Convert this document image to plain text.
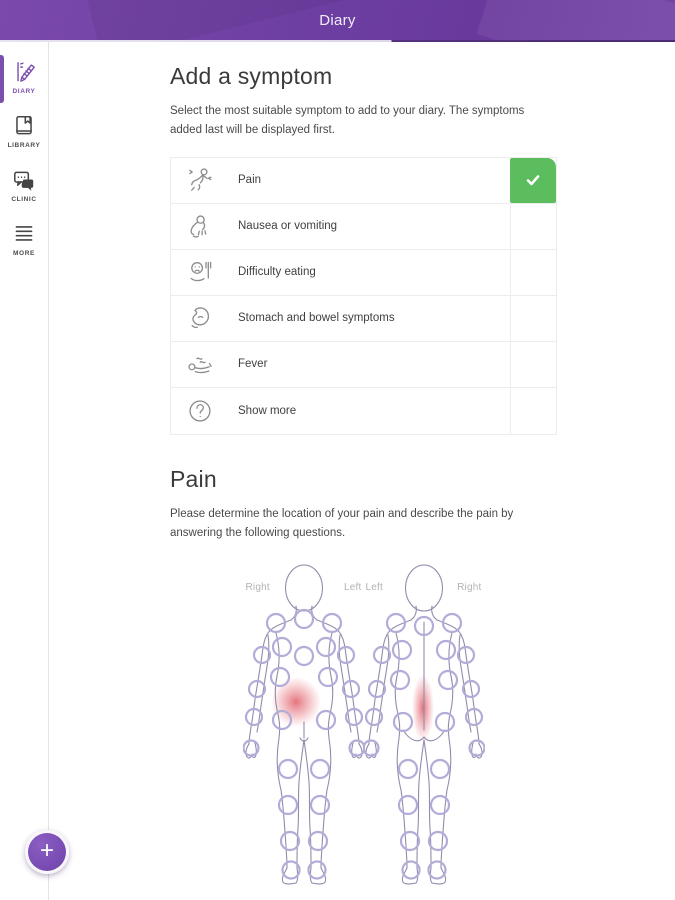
Diary
DIARY
LIBRARY
CLINIC
MORE
Add a symptom

Select the most suitable symptom to add to your diary. The symptoms added last will be displayed first.

Pain
Nausea or vomiting
Difficulty eating
Stomach and bowel symptoms
Fever
Show more
Pain

Please determine the location of your pain and describe the pain by answering the following questions.

Right	Left Left	Right
+
